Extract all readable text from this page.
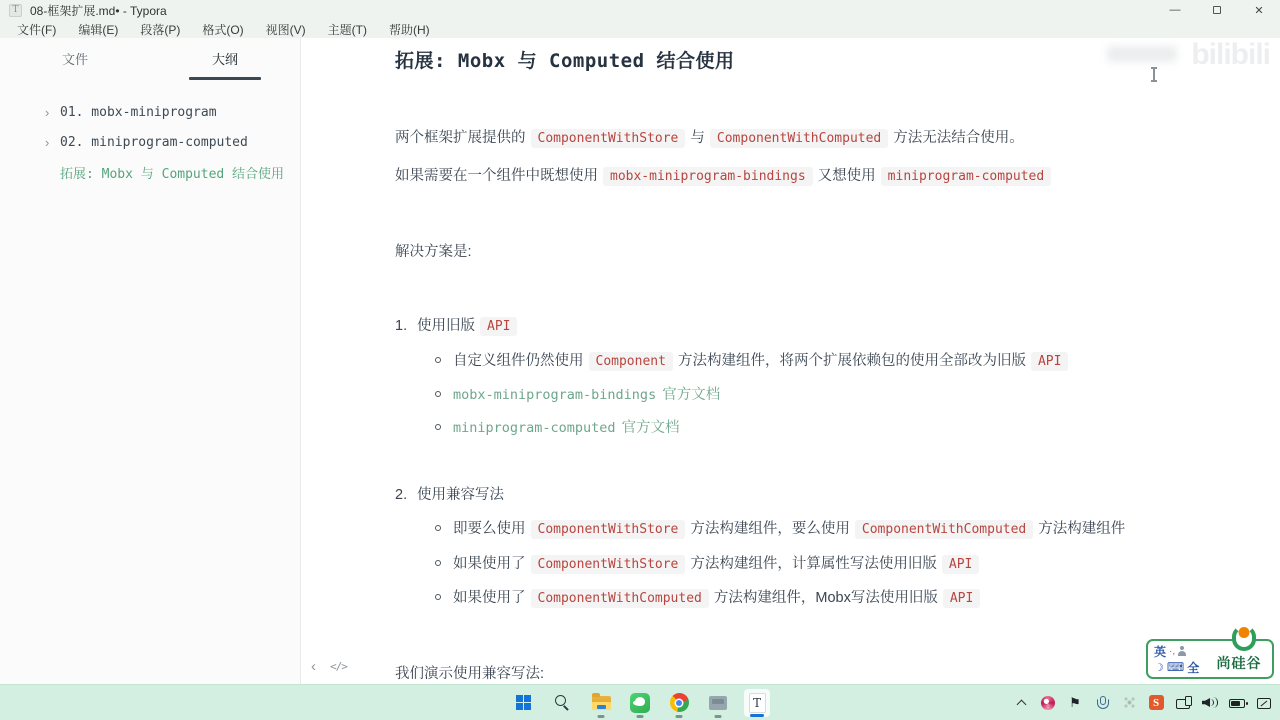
T 08-框架扩展.md• - Typora	—	✕
文件(F)	编辑(E)	段落(P)	格式(O)	视图(V)	主题(T)	帮助(H)
文件	大纲
› 01. mobx-miniprogram
› 02. miniprogram-computed
拓展: Mobx 与 Computed 结合使用
bilibili
拓展: Mobx 与 Computed 结合使用

两个框架扩展提供的 ComponentWithStore 与 ComponentWithComputed 方法无法结合使用。

如果需要在一个组件中既想使用 mobx-miniprogram-bindings 又想使用 miniprogram-computed

解决方案是:

1. 使用旧版 API
自定义组件仍然使用 Component 方法构建组件，将两个扩展依赖包的使用全部改为旧版 API
mobx-miniprogram-bindings 官方文档
miniprogram-computed 官方文档
2. 使用兼容写法
即要么使用 ComponentWithStore 方法构建组件，要么使用 ComponentWithComputed 方法构建组件
如果使用了 ComponentWithStore 方法构建组件，计算属性写法使用旧版 API
如果使用了 ComponentWithComputed 方法构建组件，Mobx写法使用旧版 API

我们演示使用兼容写法:

‹ </>
英 ·,
☽ ⌨ 全 尚硅谷
T	⚑	S
